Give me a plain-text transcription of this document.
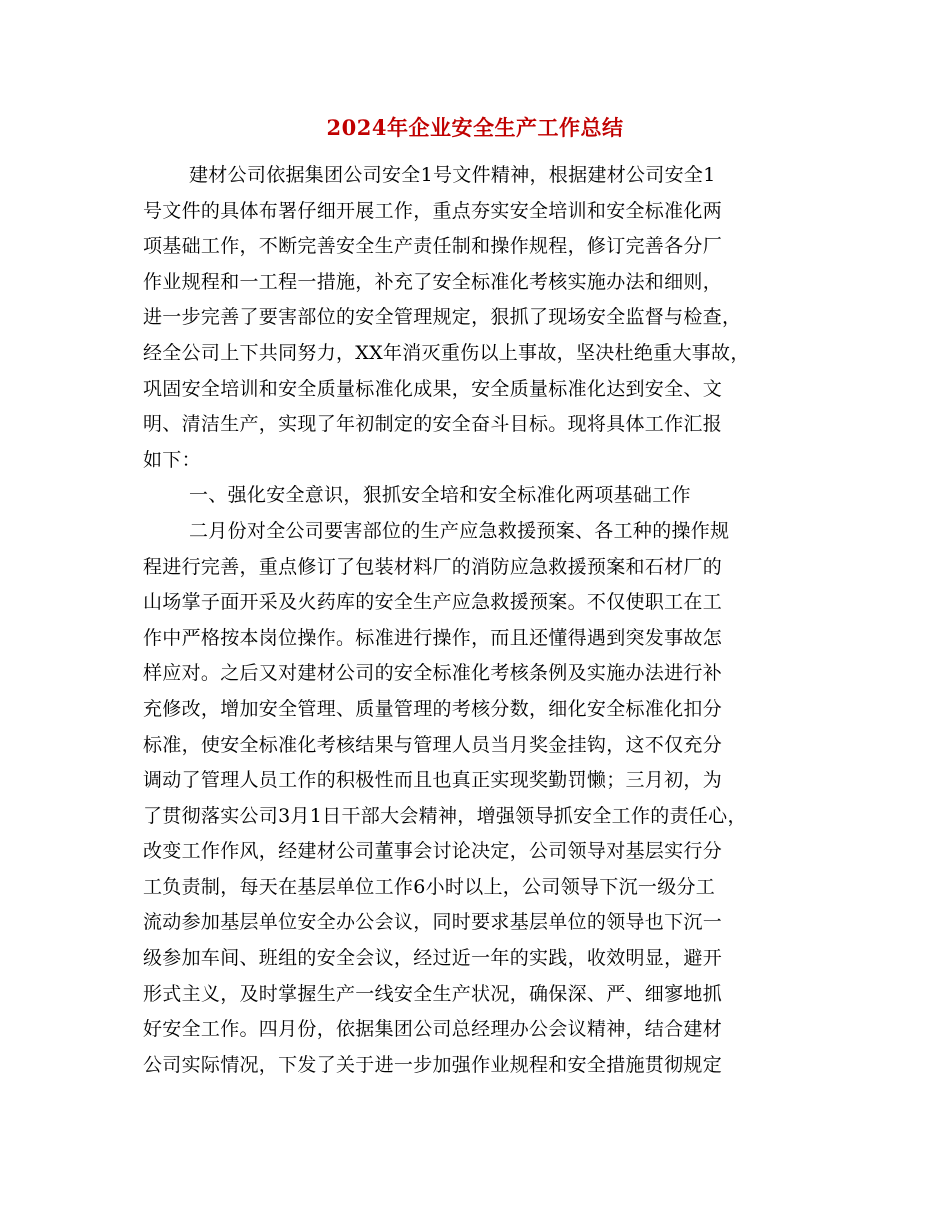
2024年企业安全生产工作总结
建材公司依据集团公司安全1号文件精神，根据建材公司安全1
号文件的具体布署仔细开展工作，重点夯实安全培训和安全标准化两
项基础工作，不断完善安全生产责任制和操作规程，修订完善各分厂
作业规程和一工程一措施，补充了安全标准化考核实施办法和细则，
进一步完善了要害部位的安全管理规定，狠抓了现场安全监督与检查，
经全公司上下共同努力，XX年消灭重伤以上事故，坚决杜绝重大事故，
巩固安全培训和安全质量标准化成果，安全质量标准化达到安全、文
明、清洁生产，实现了年初制定的安全奋斗目标。现将具体工作汇报
如下：
一、强化安全意识，狠抓安全培和安全标准化两项基础工作
二月份对全公司要害部位的生产应急救援预案、各工种的操作规
程进行完善，重点修订了包装材料厂的消防应急救援预案和石材厂的
山场掌子面开采及火药库的安全生产应急救援预案。不仅使职工在工
作中严格按本岗位操作。标准进行操作，而且还懂得遇到突发事故怎
样应对。之后又对建材公司的安全标准化考核条例及实施办法进行补
充修改，增加安全管理、质量管理的考核分数，细化安全标准化扣分
标准，使安全标准化考核结果与管理人员当月奖金挂钩，这不仅充分
调动了管理人员工作的积极性而且也真正实现奖勤罚懒；三月初，为
了贯彻落实公司3月1日干部大会精神，增强领导抓安全工作的责任心，
改变工作作风，经建材公司董事会讨论决定，公司领导对基层实行分
工负责制，每天在基层单位工作6小时以上，公司领导下沉一级分工
流动参加基层单位安全办公会议，同时要求基层单位的领导也下沉一
级参加车间、班组的安全会议，经过近一年的实践，收效明显，避开
形式主义，及时掌握生产一线安全生产状况，确保深、严、细寥地抓
好安全工作。四月份，依据集团公司总经理办公会议精神，结合建材
公司实际情况，下发了关于进一步加强作业规程和安全措施贯彻规定
